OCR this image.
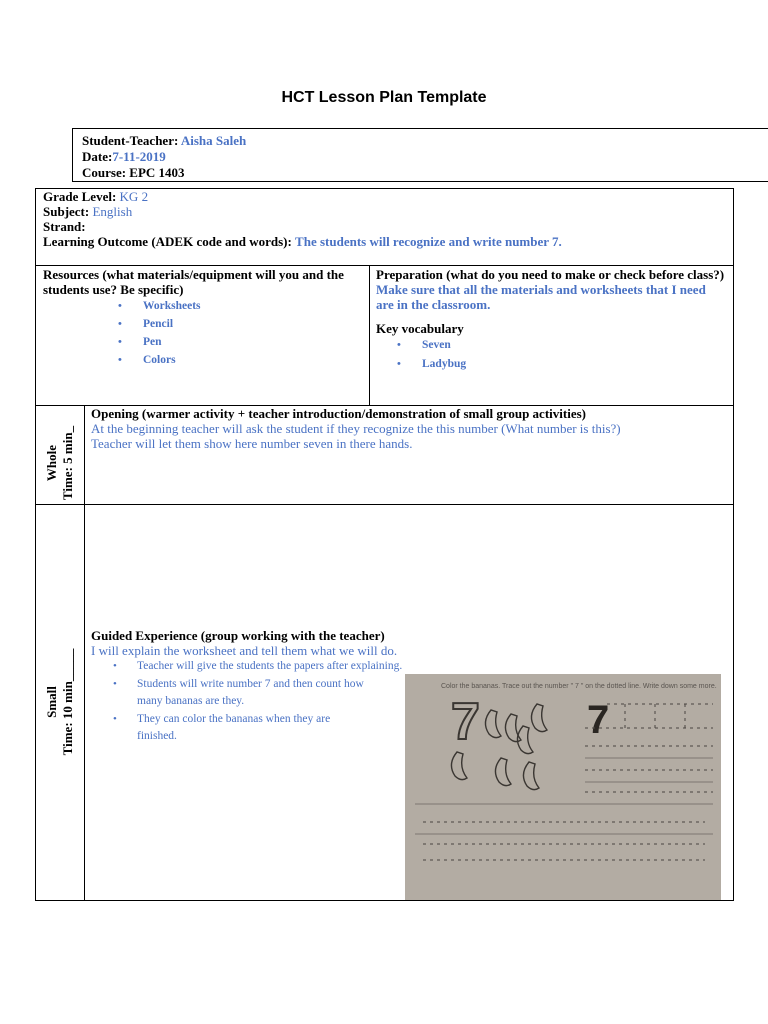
HCT Lesson Plan Template
Student-Teacher: Aisha Saleh
Date:7-11-2019
Course: EPC 1403
Grade Level: KG 2
Subject: English
Strand:
Learning Outcome (ADEK code and words): The students will recognize and write number 7.
Resources (what materials/equipment will you and the students use? Be specific)
• Worksheets
• Pencil
• Pen
• Colors
Preparation (what do you need to make or check before class?)
Make sure that all the materials and worksheets that I need are in the classroom.
Key vocabulary
• Seven
• Ladybug
Whole Time: 5 min_
Opening (warmer activity + teacher introduction/demonstration of small group activities)
At the beginning teacher will ask the student if they recognize the this number (What number is this?)
Teacher will let them show here number seven in there hands.
Small Time: 10 min_____
Guided Experience (group working with the teacher)
I will explain the worksheet and tell them what we will do.
• Teacher will give the students the papers after explaining.
• Students will write number 7 and then count how many bananas are they.
• They can color the bananas when they are finished.
Color the bananas. Trace out the number " 7 " on the dotted line. Write down some more.
7	7
